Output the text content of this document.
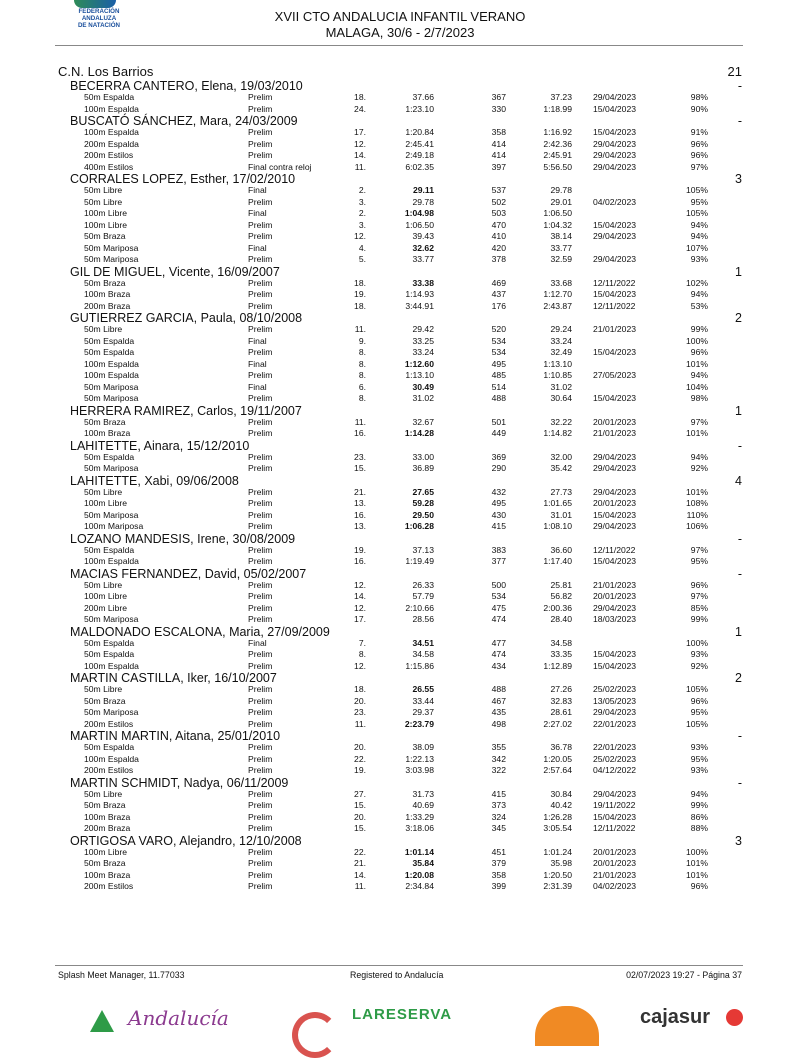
FEDERACIÓN
ANDALUZA
DE NATACIÓN
XVII CTO ANDALUCIA INFANTIL VERANO
MALAGA, 30/6 - 2/7/2023
C.N. Los Barrios	21
BECERRA CANTERO, Elena, 19/03/2010	-
50m Espalda	Prelim	18.	37.66	367	37.23 29/04/2023	98%
100m Espalda	Prelim	24.	1:23.10	330	1:18.99 15/04/2023	90%
BUSCATÓ SÁNCHEZ, Mara, 24/03/2009	-
100m Espalda	Prelim	17.	1:20.84	358	1:16.92 15/04/2023	91%
200m Espalda	Prelim	12.	2:45.41	414	2:42.36 29/04/2023	96%
200m Estilos	Prelim	14.	2:49.18	414	2:45.91 29/04/2023	96%
400m Estilos	Final contra reloj	11.	6:02.35	397	5:56.50 29/04/2023	97%
CORRALES LOPEZ, Esther, 17/02/2010	3
50m Libre	Final	2.	29.11	537	29.78	105%
50m Libre	Prelim	3.	29.78	502	29.01 04/02/2023	95%
100m Libre	Final	2.	1:04.98	503	1:06.50	105%
100m Libre	Prelim	3.	1:06.50	470	1:04.32 15/04/2023	94%
50m Braza	Prelim	12.	39.43	410	38.14 29/04/2023	94%
50m Mariposa	Final	4.	32.62	420	33.77	107%
50m Mariposa	Prelim	5.	33.77	378	32.59 29/04/2023	93%
GIL DE MIGUEL, Vicente, 16/09/2007	1
50m Braza	Prelim	18.	33.38	469	33.68 12/11/2022	102%
100m Braza	Prelim	19.	1:14.93	437	1:12.70 15/04/2023	94%
200m Braza	Prelim	18.	3:44.91	176	2:43.87 12/11/2022	53%
GUTIERREZ GARCIA, Paula, 08/10/2008	2
50m Libre	Prelim	11.	29.42	520	29.24 21/01/2023	99%
50m Espalda	Final	9.	33.25	534	33.24	100%
50m Espalda	Prelim	8.	33.24	534	32.49 15/04/2023	96%
100m Espalda	Final	8.	1:12.60	495	1:13.10	101%
100m Espalda	Prelim	8.	1:13.10	485	1:10.85 27/05/2023	94%
50m Mariposa	Final	6.	30.49	514	31.02	104%
50m Mariposa	Prelim	8.	31.02	488	30.64 15/04/2023	98%
HERRERA RAMIREZ, Carlos, 19/11/2007	1
50m Braza	Prelim	11.	32.67	501	32.22 20/01/2023	97%
100m Braza	Prelim	16.	1:14.28	449	1:14.82 21/01/2023	101%
LAHITETTE, Ainara, 15/12/2010	-
50m Espalda	Prelim	23.	33.00	369	32.00 29/04/2023	94%
50m Mariposa	Prelim	15.	36.89	290	35.42 29/04/2023	92%
LAHITETTE, Xabi, 09/06/2008	4
50m Libre	Prelim	21.	27.65	432	27.73 29/04/2023	101%
100m Libre	Prelim	13.	59.28	495	1:01.65 20/01/2023	108%
50m Mariposa	Prelim	16.	29.50	430	31.01 15/04/2023	110%
100m Mariposa	Prelim	13.	1:06.28	415	1:08.10 29/04/2023	106%
LOZANO MANDESIS, Irene, 30/08/2009	-
50m Espalda	Prelim	19.	37.13	383	36.60 12/11/2022	97%
100m Espalda	Prelim	16.	1:19.49	377	1:17.40 15/04/2023	95%
MACIAS FERNANDEZ, David, 05/02/2007	-
50m Libre	Prelim	12.	26.33	500	25.81 21/01/2023	96%
100m Libre	Prelim	14.	57.79	534	56.82 20/01/2023	97%
200m Libre	Prelim	12.	2:10.66	475	2:00.36 29/04/2023	85%
50m Mariposa	Prelim	17.	28.56	474	28.40 18/03/2023	99%
MALDONADO ESCALONA, Maria, 27/09/2009	1
50m Espalda	Final	7.	34.51	477	34.58	100%
50m Espalda	Prelim	8.	34.58	474	33.35 15/04/2023	93%
100m Espalda	Prelim	12.	1:15.86	434	1:12.89 15/04/2023	92%
MARTIN CASTILLA, Iker, 16/10/2007	2
50m Libre	Prelim	18.	26.55	488	27.26 25/02/2023	105%
50m Braza	Prelim	20.	33.44	467	32.83 13/05/2023	96%
50m Mariposa	Prelim	23.	29.37	435	28.61 29/04/2023	95%
200m Estilos	Prelim	11.	2:23.79	498	2:27.02 22/01/2023	105%
MARTIN MARTIN, Aitana, 25/01/2010	-
50m Espalda	Prelim	20.	38.09	355	36.78 22/01/2023	93%
100m Espalda	Prelim	22.	1:22.13	342	1:20.05 25/02/2023	95%
200m Estilos	Prelim	19.	3:03.98	322	2:57.64 04/12/2022	93%
MARTIN SCHMIDT, Nadya, 06/11/2009	-
50m Libre	Prelim	27.	31.73	415	30.84 29/04/2023	94%
50m Braza	Prelim	15.	40.69	373	40.42 19/11/2022	99%
100m Braza	Prelim	20.	1:33.29	324	1:26.28 15/04/2023	86%
200m Braza	Prelim	15.	3:18.06	345	3:05.54 12/11/2022	88%
ORTIGOSA VARO, Alejandro, 12/10/2008	3
100m Libre	Prelim	22.	1:01.14	451	1:01.24 20/01/2023	100%
50m Braza	Prelim	21.	35.84	379	35.98 20/01/2023	101%
100m Braza	Prelim	14.	1:20.08	358	1:20.50 21/01/2023	101%
200m Estilos	Prelim	11.	2:34.84	399	2:31.39 04/02/2023	96%
Splash Meet Manager, 11.77033	Registered to Andalucía	02/07/2023 19:27 - Página 37
Andalucía	LARESERVA	cajasur
